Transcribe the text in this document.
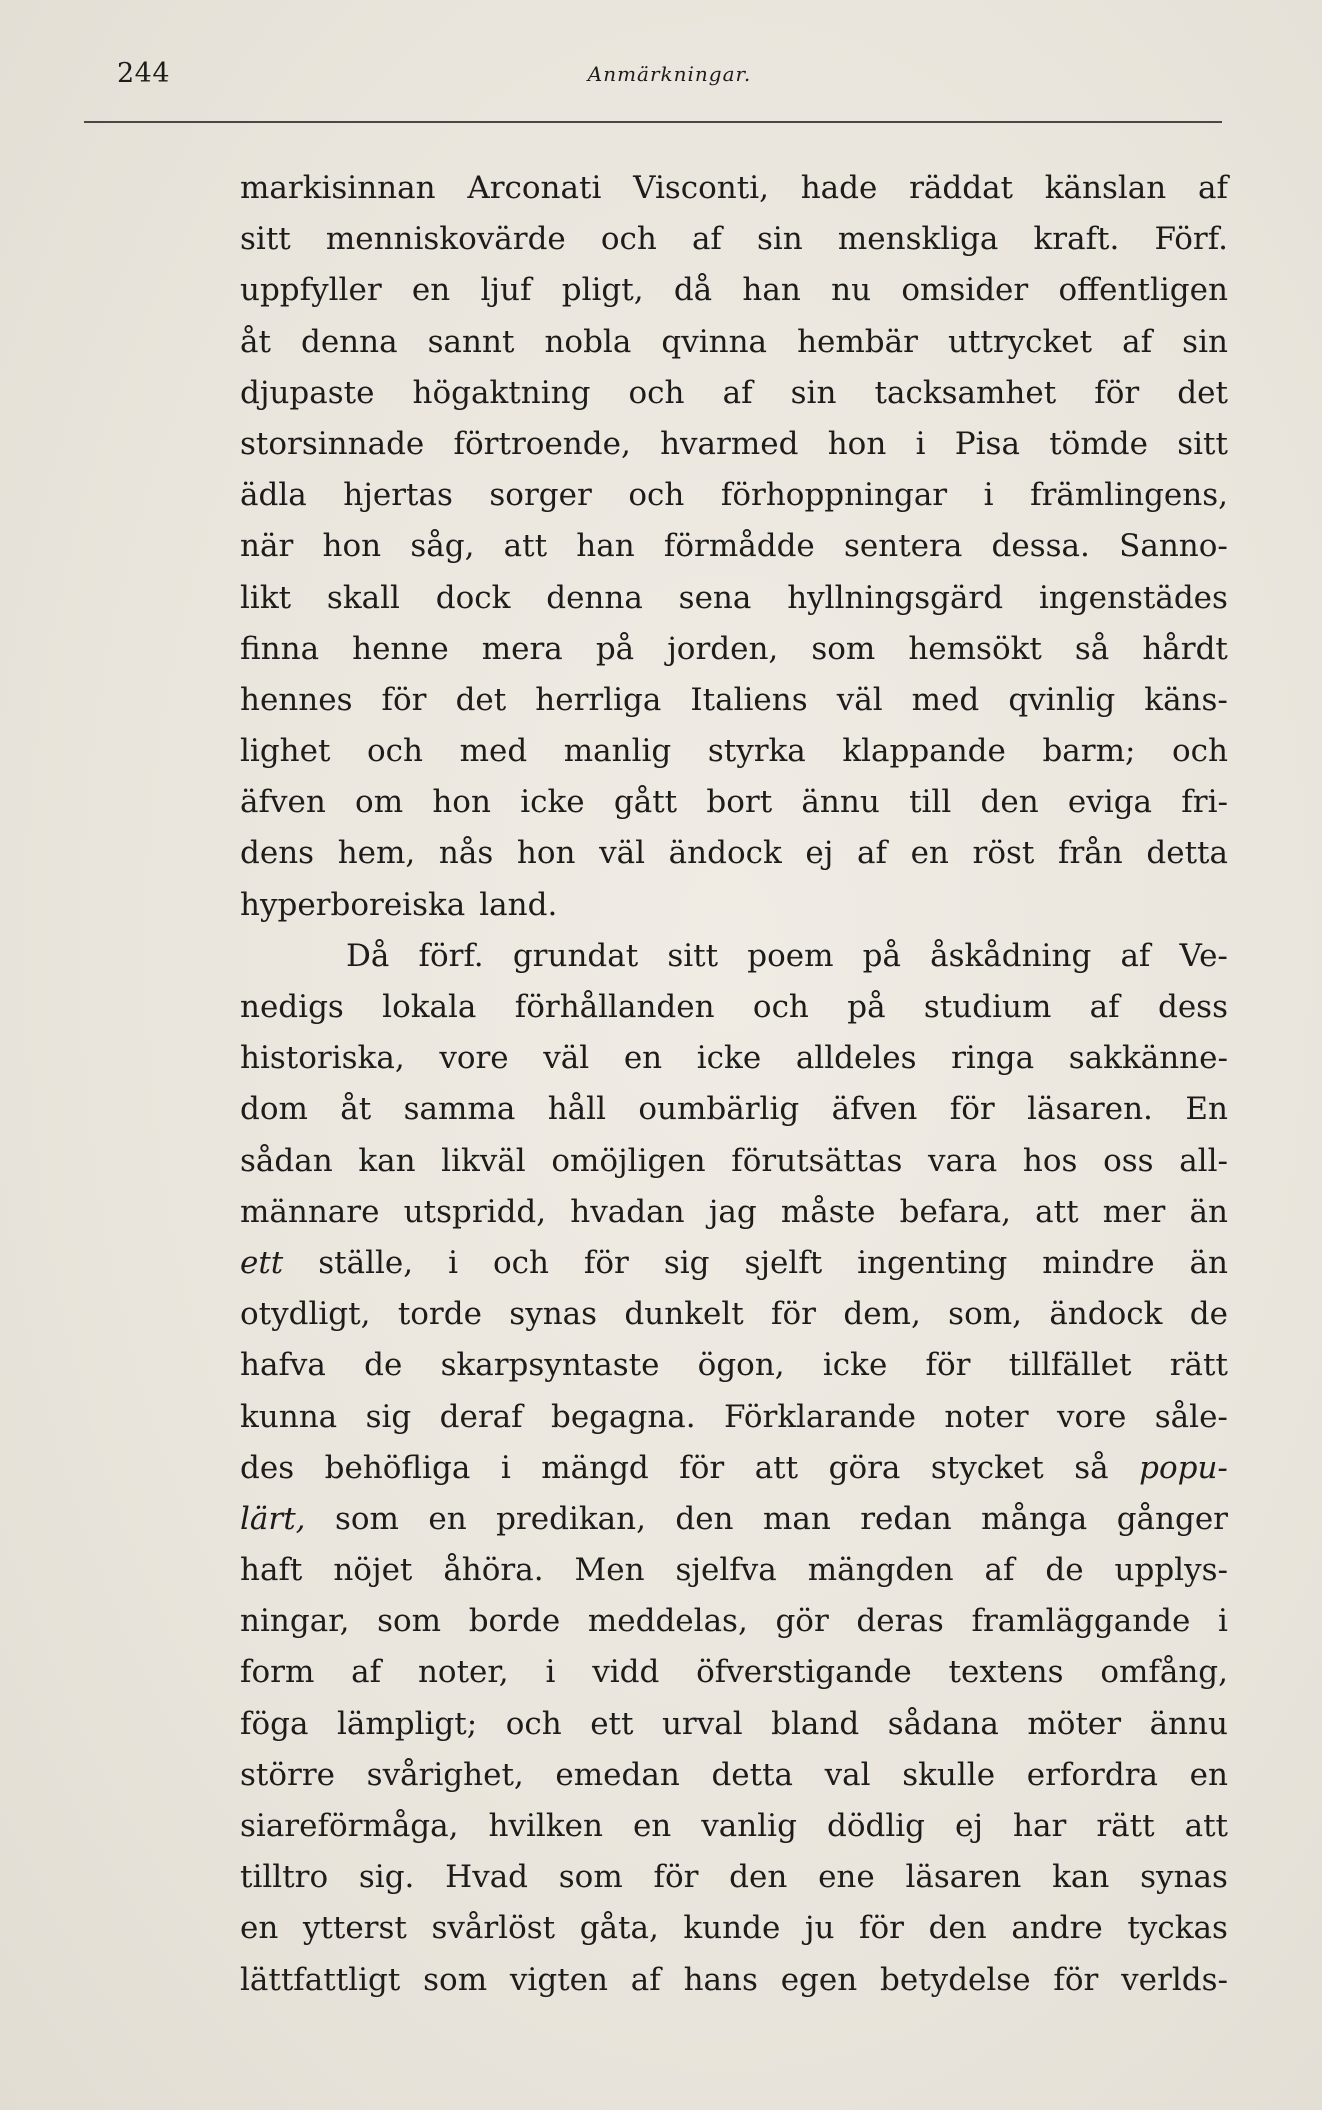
244	Anmärkningar.
markisinnan Arconati Visconti, hade räddat känslan af
sitt menniskovärde och af sin menskliga kraft. Förf.
uppfyller en ljuf pligt, då han nu omsider offentligen
åt denna sannt nobla qvinna hembär uttrycket af sin
djupaste högaktning och af sin tacksamhet för det
storsinnade förtroende, hvarmed hon i Pisa tömde sitt
ädla hjertas sorger och förhoppningar i främlingens,
när hon såg, att han förmådde sentera dessa. Sanno-
likt skall dock denna sena hyllningsgärd ingenstädes
finna henne mera på jorden, som hemsökt så hårdt
hennes för det herrliga Italiens väl med qvinlig käns-
lighet och med manlig styrka klappande barm; och
äfven om hon icke gått bort ännu till den eviga fri-
dens hem, nås hon väl ändock ej af en röst från detta
hyperboreiska land.
Då förf. grundat sitt poem på åskådning af Ve-
nedigs lokala förhållanden och på studium af dess
historiska, vore väl en icke alldeles ringa sakkänne-
dom åt samma håll oumbärlig äfven för läsaren. En
sådan kan likväl omöjligen förutsättas vara hos oss all-
männare utspridd, hvadan jag måste befara, att mer än
ett ställe, i och för sig sjelft ingenting mindre än
otydligt, torde synas dunkelt för dem, som, ändock de
hafva de skarpsyntaste ögon, icke för tillfället rätt
kunna sig deraf begagna. Förklarande noter vore såle-
des behöfliga i mängd för att göra stycket så popu-
lärt, som en predikan, den man redan många gånger
haft nöjet åhöra. Men sjelfva mängden af de upplys-
ningar, som borde meddelas, gör deras framläggande i
form af noter, i vidd öfverstigande textens omfång,
föga lämpligt; och ett urval bland sådana möter ännu
större svårighet, emedan detta val skulle erfordra en
siareförmåga, hvilken en vanlig dödlig ej har rätt att
tilltro sig. Hvad som för den ene läsaren kan synas
en ytterst svårlöst gåta, kunde ju för den andre tyckas
lättfattligt som vigten af hans egen betydelse för verlds-
